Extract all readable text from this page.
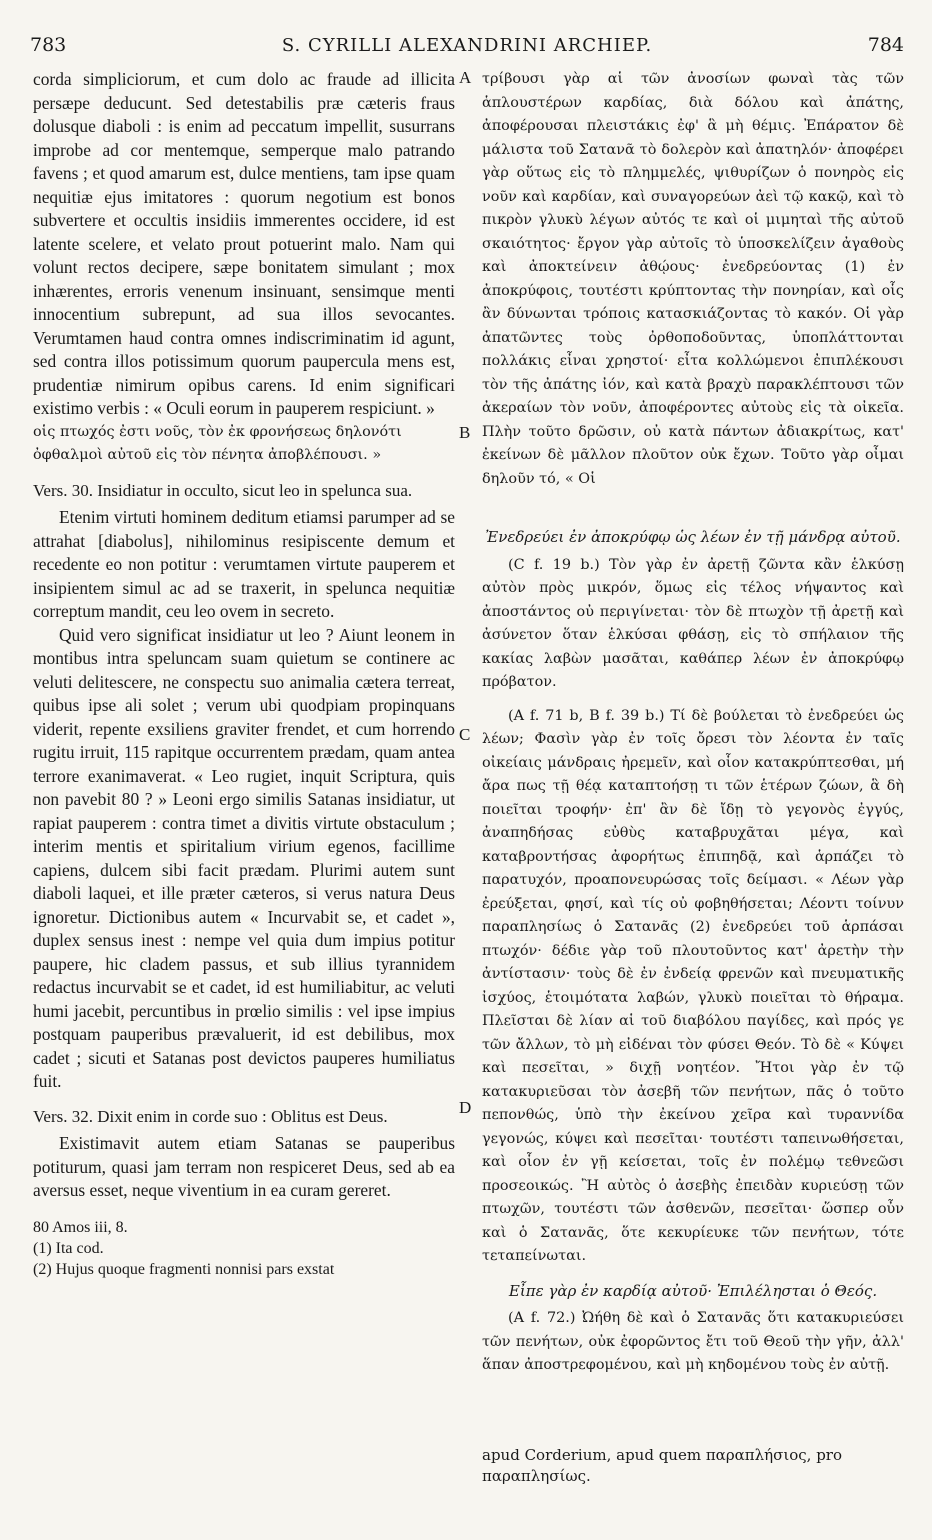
783	S. CYRILLI ALEXANDRINI ARCHIEP.	784
A
B
C
D

corda simpliciorum, et cum dolo ac fraude ad illicita persæpe deducunt. Sed detestabilis præ cæteris fraus dolusque diaboli : is enim ad peccatum impellit, susurrans improbe ad cor mentemque, semperque malo patrando favens ; et quod amarum est, dulce mentiens, tam ipse quam nequitiæ ejus imitatores : quorum negotium est bonos subvertere et occultis insidiis immerentes occidere, id est latente scelere, et velato prout potuerint malo. Nam qui volunt rectos decipere, sæpe bonitatem simulant ; mox inhærentes, erroris venenum insinuant, sensimque menti innocentium subrepunt, ad sua illos sevocantes. Verumtamen haud contra omnes indiscriminatim id agunt, sed contra illos potissimum quorum paupercula mens est, prudentiæ nimirum opibus carens. Id enim significari existimo verbis : « Oculi eorum in pauperem respiciunt. »

οἱς πτωχός ἐστι νοῦς, τὸν ἐκ φρονήσεως δηλονότι

ὀφθαλμοὶ αὐτοῦ εἰς τὸν πένητα ἀποβλέπουσι. »

Vers. 30. Insidiatur in occulto, sicut leo in spelunca sua.

Etenim virtuti hominem deditum etiamsi parumper ad se attrahat [diabolus], nihilominus resipiscente demum et recedente eo non potitur : verumtamen virtute pauperem et insipientem simul ac ad se traxerit, in spelunca nequitiæ correptum mandit, ceu leo ovem in secreto.

Quid vero significat insidiatur ut leo ? Aiunt leonem in montibus intra speluncam suam quietum se continere ac veluti delitescere, ne conspectu suo animalia cætera terreat, quibus ipse ali solet ; verum ubi quodpiam propinquans viderit, repente exsiliens graviter frendet, et cum horrendo rugitu irruit, 115 rapitque occurrentem prædam, quam antea terrore exanimaverat. « Leo rugiet, inquit Scriptura, quis non pavebit 80 ? » Leoni ergo similis Satanas insidiatur, ut rapiat pauperem : contra timet a divitis virtute obstaculum ; interim mentis et spiritalium virium egenos, facillime capiens, dulcem sibi facit prædam. Plurimi autem sunt diaboli laquei, et ille præter cæteros, si verus natura Deus ignoretur. Dictionibus autem « Incurvabit se, et cadet », duplex sensus inest : nempe vel quia dum impius potitur paupere, hic cladem passus, et sub illius tyrannidem redactus incurvabit se et cadet, id est humiliabitur, ac veluti humi jacebit, percuntibus in prœlio similis : vel ipse impius postquam pauperibus prævaluerit, id est debilibus, mox cadet ; sicuti et Satanas post devictos pauperes humiliatus fuit.

Vers. 32. Dixit enim in corde suo : Oblitus est Deus.

Existimavit autem etiam Satanas se pauperibus potiturum, quasi jam terram non respiceret Deus, sed ab ea aversus esset, neque viventium in ea curam gereret.

80 Amos iii, 8.
(1) Ita cod.
(2) Hujus quoque fragmenti nonnisi pars exstat

τρίβουσι γὰρ αἱ τῶν ἀνοσίων φωναὶ τὰς τῶν ἁπλουστέρων καρδίας, διὰ δόλου καὶ ἀπάτης, ἀποφέρουσαι πλειστάκις ἐφ' ἃ μὴ θέμις. Ἐπάρατον δὲ μάλιστα τοῦ Σατανᾶ τὸ δολερὸν καὶ ἀπατηλόν· ἀποφέρει γὰρ οὕτως εἰς τὸ πλημμελές, ψιθυρίζων ὁ πονηρὸς εἰς νοῦν καὶ καρδίαν, καὶ συναγορεύων ἀεὶ τῷ κακῷ, καὶ τὸ πικρὸν γλυκὺ λέγων αὐτός τε καὶ οἱ μιμηταὶ τῆς αὐτοῦ σκαιότητος· ἔργον γὰρ αὐτοῖς τὸ ὑποσκελίζειν ἀγαθοὺς καὶ ἀποκτείνειν ἀθῴους· ἐνεδρεύοντας (1) ἐν ἀποκρύφοις, τουτέστι κρύπτοντας τὴν πονηρίαν, καὶ οἷς ἂν δύνωνται τρόποις κατασκιάζοντας τὸ κακόν. Οἱ γὰρ ἀπατῶντες τοὺς ὀρθοποδοῦντας, ὑποπλάττονται πολλάκις εἶναι χρηστοί· εἶτα κολλώμενοι ἐπιπλέκουσι τὸν τῆς ἀπάτης ἰόν, καὶ κατὰ βραχὺ παρακλέπτουσι τῶν ἀκεραίων τὸν νοῦν, ἀποφέροντες αὐτοὺς εἰς τὰ οἰκεῖα. Πλὴν τοῦτο δρῶσιν, οὐ κατὰ πάντων ἀδιακρίτως, κατ' ἐκείνων δὲ μᾶλλον πλοῦτον οὐκ ἔχων. Τοῦτο γὰρ οἶμαι δηλοῦν τό, « Οἱ

Ἐνεδρεύει ἐν ἀποκρύφῳ ὡς λέων ἐν τῇ μάνδρᾳ αὐτοῦ.

(C f. 19 b.) Τὸν γὰρ ἐν ἀρετῇ ζῶντα κἂν ἑλκύσῃ αὐτὸν πρὸς μικρόν, ὅμως εἰς τέλος νήψαντος καὶ ἀποστάντος οὐ περιγίνεται· τὸν δὲ πτωχὸν τῇ ἀρετῇ καὶ ἀσύνετον ὅταν ἑλκύσαι φθάσῃ, εἰς τὸ σπήλαιον τῆς κακίας λαβὼν μασᾶται, καθάπερ λέων ἐν ἀποκρύφῳ πρόβατον.

(A f. 71 b, B f. 39 b.) Τί δὲ βούλεται τὸ ἐνεδρεύει ὡς λέων; Φασὶν γὰρ ἐν τοῖς ὄρεσι τὸν λέοντα ἐν ταῖς οἰκείαις μάνδραις ἠρεμεῖν, καὶ οἷον κατακρύπτεσθαι, μή ἄρα πως τῇ θέᾳ καταπτοήσῃ τι τῶν ἑτέρων ζώων, ἃ δὴ ποιεῖται τροφήν· ἐπ' ἂν δὲ ἴδῃ τὸ γεγονὸς ἐγγύς, ἀναπηδήσας εὐθὺς καταβρυχᾶται μέγα, καὶ καταβροντήσας ἀφορήτως ἐπιπηδᾷ, καὶ ἁρπάζει τὸ παρατυχόν, προαπονευρώσας τοῖς δείμασι. « Λέων γὰρ ἐρεύξεται, φησί, καὶ τίς οὐ φοβηθήσεται; Λέοντι τοίνυν παραπλησίως ὁ Σατανᾶς (2) ἐνεδρεύει τοῦ ἁρπάσαι πτωχόν· δέδιε γὰρ τοῦ πλουτοῦντος κατ' ἀρετὴν τὴν ἀντίστασιν· τοὺς δὲ ἐν ἐνδείᾳ φρενῶν καὶ πνευματικῆς ἰσχύος, ἑτοιμότατα λαβών, γλυκὺ ποιεῖται τὸ θήραμα. Πλεῖσται δὲ λίαν αἱ τοῦ διαβόλου παγίδες, καὶ πρός γε τῶν ἄλλων, τὸ μὴ εἰδέναι τὸν φύσει Θεόν. Τὸ δὲ « Κύψει καὶ πεσεῖται, » διχῇ νοητέον. Ἤτοι γὰρ ἐν τῷ κατακυριεῦσαι τὸν ἀσεβῆ τῶν πενήτων, πᾶς ὁ τοῦτο πεπονθώς, ὑπὸ τὴν ἐκείνου χεῖρα καὶ τυραννίδα γεγονώς, κύψει καὶ πεσεῖται· τουτέστι ταπεινωθήσεται, καὶ οἷον ἐν γῇ κείσεται, τοῖς ἐν πολέμῳ τεθνεῶσι προσεοικώς. Ἢ αὐτὸς ὁ ἀσεβὴς ἐπειδὰν κυριεύσῃ τῶν πτωχῶν, τουτέστι τῶν ἀσθενῶν, πεσεῖται· ὥσπερ οὖν καὶ ὁ Σατανᾶς, ὅτε κεκυρίευκε τῶν πενήτων, τότε τεταπείνωται.

Εἶπε γὰρ ἐν καρδίᾳ αὐτοῦ· Ἐπιλέλησται ὁ Θεός.

(A f. 72.) Ὠήθη δὲ καὶ ὁ Σατανᾶς ὅτι κατακυριεύσει τῶν πενήτων, οὐκ ἐφορῶντος ἔτι τοῦ Θεοῦ τὴν γῆν, ἀλλ' ἅπαν ἀποστρεφομένου, καὶ μὴ κηδομένου τοὺς ἐν αὐτῇ.

apud Corderium, apud quem παραπλήσιος, pro παραπλησίως.
